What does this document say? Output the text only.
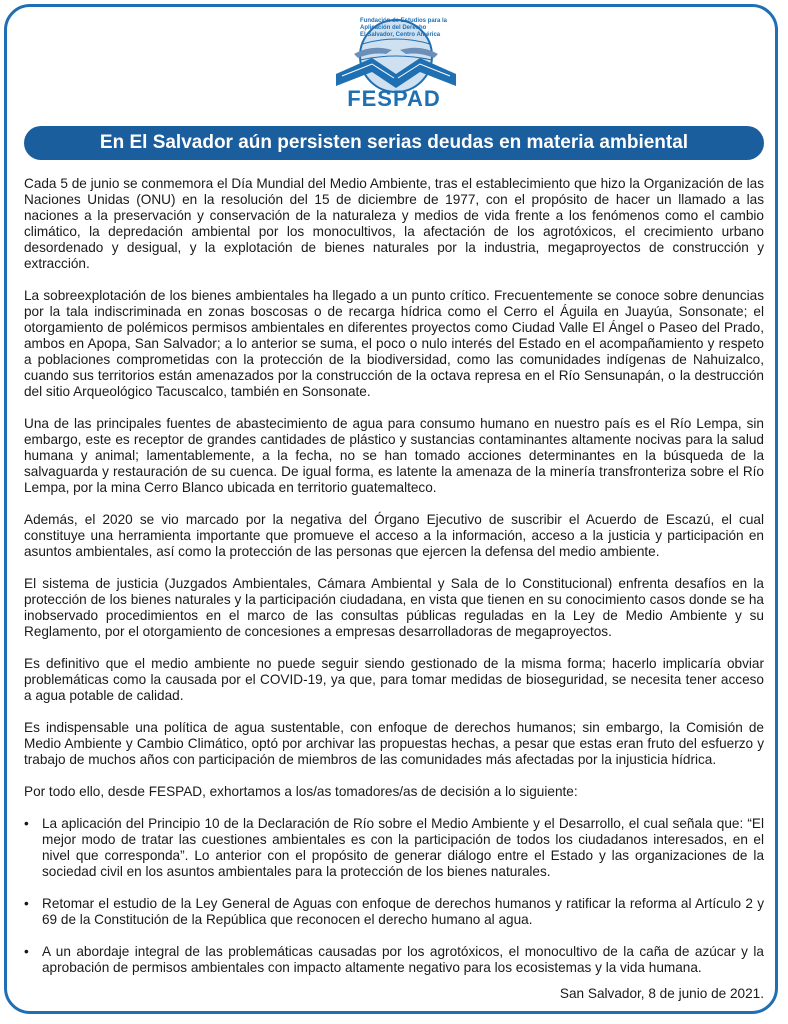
Fundación de Estudios para la Aplicación del Derecho
El Salvador, Centro América
FESPAD
En El Salvador aún persisten serias deudas en materia ambiental

Cada 5 de junio se conmemora el Día Mundial del Medio Ambiente, tras el establecimiento que hizo la Organización de las Naciones Unidas (ONU) en la resolución del 15 de diciembre de 1977, con el propósito de hacer un llamado a las naciones a la preservación y conservación de la naturaleza y medios de vida frente a los fenómenos como el cambio climático, la depredación ambiental por los monocultivos, la afectación de los agrotóxicos, el crecimiento urbano desordenado y desigual, y la explotación de bienes naturales por la industria, megaproyectos de construcción y extracción.

La sobreexplotación de los bienes ambientales ha llegado a un punto crítico. Frecuentemente se conoce sobre denuncias por la tala indiscriminada en zonas boscosas o de recarga hídrica como el Cerro el Águila en Juayúa, Sonsonate; el otorgamiento de polémicos permisos ambientales en diferentes proyectos como Ciudad Valle El Ángel o Paseo del Prado, ambos en Apopa, San Salvador; a lo anterior se suma, el poco o nulo interés del Estado en el acompañamiento y respeto a poblaciones comprometidas con la protección de la biodiversidad, como las comunidades indígenas de Nahuizalco, cuando sus territorios están amenazados por la construcción de la octava represa en el Río Sensunapán, o la destrucción del sitio Arqueológico Tacuscalco, también en Sonsonate.

Una de las principales fuentes de abastecimiento de agua para consumo humano en nuestro país es el Río Lempa, sin embargo, este es receptor de grandes cantidades de plástico y sustancias contaminantes altamente nocivas para la salud humana y animal; lamentablemente, a la fecha, no se han tomado acciones determinantes en la búsqueda de la salvaguarda y restauración de su cuenca. De igual forma, es latente la amenaza de la minería transfronteriza sobre el Río Lempa, por la mina Cerro Blanco ubicada en territorio guatemalteco.

Además, el 2020 se vio marcado por la negativa del Órgano Ejecutivo de suscribir el Acuerdo de Escazú, el cual constituye una herramienta importante que promueve el acceso a la información, acceso a la justicia y participación en asuntos ambientales, así como la protección de las personas que ejercen la defensa del medio ambiente.

El sistema de justicia (Juzgados Ambientales, Cámara Ambiental y Sala de lo Constitucional) enfrenta desafíos en la protección de los bienes naturales y la participación ciudadana, en vista que tienen en su conocimiento casos donde se ha inobservado procedimientos en el marco de las consultas públicas reguladas en la Ley de Medio Ambiente y su Reglamento, por el otorgamiento de concesiones a empresas desarrolladoras de megaproyectos.

Es definitivo que el medio ambiente no puede seguir siendo gestionado de la misma forma; hacerlo implicaría obviar problemáticas como la causada por el COVID-19, ya que, para tomar medidas de bioseguridad, se necesita tener acceso a agua potable de calidad.

Es indispensable una política de agua sustentable, con enfoque de derechos humanos; sin embargo, la Comisión de Medio Ambiente y Cambio Climático, optó por archivar las propuestas hechas, a pesar que estas eran fruto del esfuerzo y trabajo de muchos años con participación de miembros de las comunidades más afectadas por la injusticia hídrica.

Por todo ello, desde FESPAD, exhortamos a los/as tomadores/as de decisión a lo siguiente:

• La aplicación del Principio 10 de la Declaración de Río sobre el Medio Ambiente y el Desarrollo, el cual señala que: “El mejor modo de tratar las cuestiones ambientales es con la participación de todos los ciudadanos interesados, en el nivel que corresponda”. Lo anterior con el propósito de generar diálogo entre el Estado y las organizaciones de la sociedad civil en los asuntos ambientales para la protección de los bienes naturales.
• Retomar el estudio de la Ley General de Aguas con enfoque de derechos humanos y ratificar la reforma al Artículo 2 y 69 de la Constitución de la República que reconocen el derecho humano al agua.
• A un abordaje integral de las problemáticas causadas por los agrotóxicos, el monocultivo de la caña de azúcar y la aprobación de permisos ambientales con impacto altamente negativo para los ecosistemas y la vida humana.
San Salvador, 8 de junio de 2021.
